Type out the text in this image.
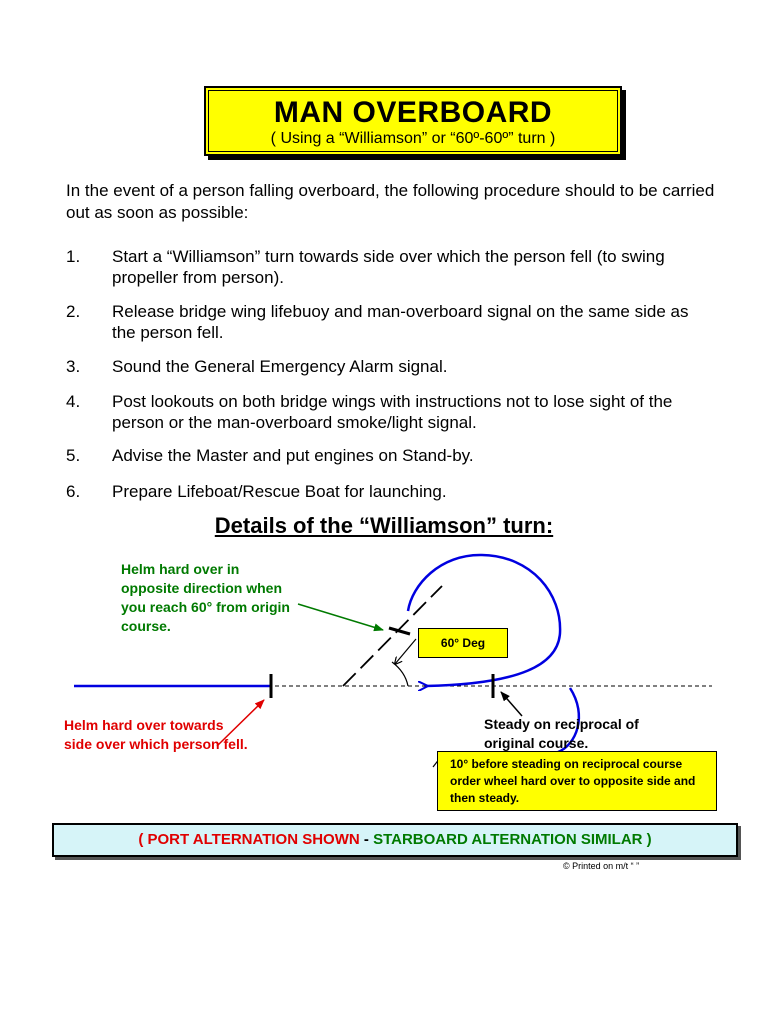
MAN OVERBOARD
( Using a “Williamson” or “60º-60º” turn )
In the event of a person falling overboard, the following procedure should to be carried out as soon as possible:
1.	Start a “Williamson” turn towards side over which the person fell (to swing propeller from person).
2.	Release bridge wing lifebuoy and man-overboard signal on the same side as the person fell.
3.	Sound the General Emergency Alarm signal.
4.	Post lookouts on both bridge wings with instructions not to lose sight of the person or the man-overboard smoke/light signal.
5.	Advise the Master and put engines on Stand-by.
6.	Prepare Lifeboat/Rescue Boat for launching.
Details of the “Williamson” turn:
Helm hard over in opposite direction when you reach 60° from origin course.
Helm hard over towards side over which person fell.
Steady on reciprocal of original course.
60° Deg
10° before steading on reciprocal course order wheel hard over to opposite side and then steady.
( PORT ALTERNATION SHOWN - STARBOARD ALTERNATION SIMILAR )
© Printed on m/t “ ”
